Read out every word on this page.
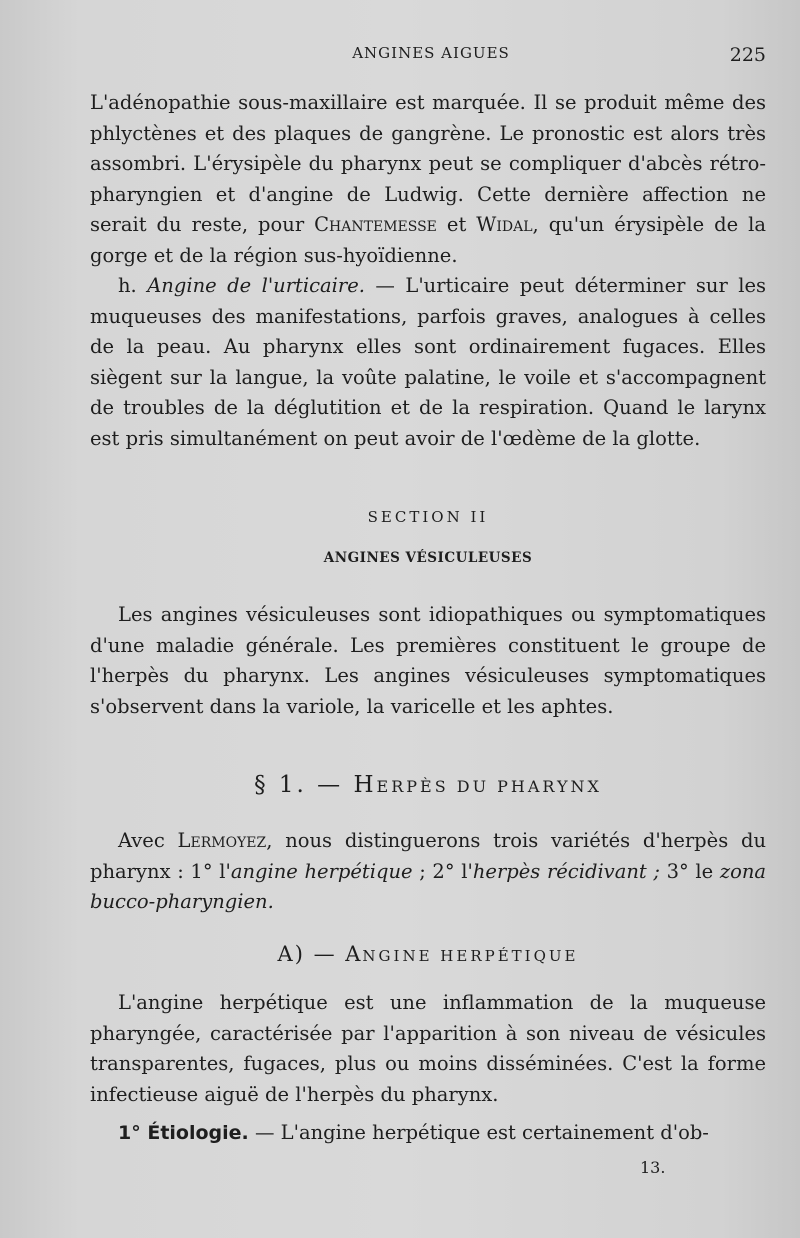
ANGINES AIGUES	225

L'adénopathie sous-maxillaire est marquée. Il se produit même des phlyctènes et des plaques de gangrène. Le pronostic est alors très assombri. L'érysipèle du pharynx peut se compliquer d'abcès rétro-pharyngien et d'angine de Ludwig. Cette dernière affection ne serait du reste, pour Chantemesse et Widal, qu'un érysipèle de la gorge et de la région sus-hyoïdienne.

h. Angine de l'urticaire. — L'urticaire peut déterminer sur les muqueuses des manifestations, parfois graves, analogues à celles de la peau. Au pharynx elles sont ordinairement fugaces. Elles siègent sur la langue, la voûte palatine, le voile et s'accompagnent de troubles de la déglutition et de la respiration. Quand le larynx est pris simultanément on peut avoir de l'œdème de la glotte.

SECTION II
ANGINES VÉSICULEUSES

Les angines vésiculeuses sont idiopathiques ou symptomatiques d'une maladie générale. Les premières constituent le groupe de l'herpès du pharynx. Les angines vésiculeuses symptomatiques s'observent dans la variole, la varicelle et les aphtes.

§ 1. — HERPÈS DU PHARYNX

Avec Lermoyez, nous distinguerons trois variétés d'herpès du pharynx : 1° l'angine herpétique ; 2° l'herpès récidivant ; 3° le zona bucco-pharyngien.

A) — ANGINE HERPÉTIQUE

L'angine herpétique est une inflammation de la muqueuse pharyngée, caractérisée par l'apparition à son niveau de vésicules transparentes, fugaces, plus ou moins disséminées. C'est la forme infectieuse aiguë de l'herpès du pharynx.

1° Étiologie. — L'angine herpétique est certainement d'ob-

13.
